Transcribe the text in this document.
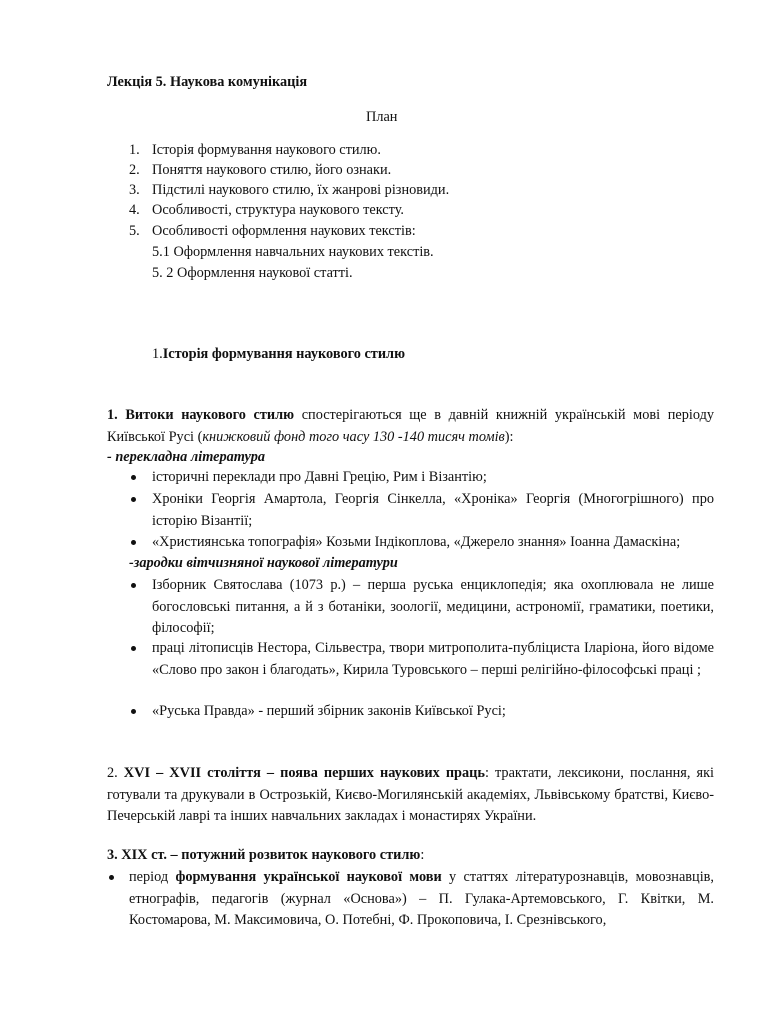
Лекція 5. Наукова комунікація
План
1. Історія формування наукового стилю.
2. Поняття наукового стилю, його ознаки.
3. Підстилі наукового стилю, їх жанрові різновиди.
4. Особливості, структура наукового тексту.
5. Особливості оформлення наукових текстів:
5.1 Оформлення навчальних наукових текстів.
5. 2 Оформлення наукової статті.
1.Історія формування наукового стилю
1. Витоки наукового стилю спостерігаються ще в давній книжній українській мові періоду Київської Русі (книжковий фонд того часу 130 -140 тисяч томів):
- перекладна література
історичні переклади про Давні Грецію, Рим і Візантію;
Хроніки Георгія Амартола, Георгія Сінкелла, «Хроніка» Георгія (Многогрішного) про історію Візантії;
«Християнська топографія» Козьми Індікоплова, «Джерело знання» Іоанна Дамаскіна;
-зародки вітчизняної наукової літератури
Ізборник Святослава (1073 р.) – перша руська енциклопедія; яка охоплювала не лише богословські питання, а й з ботаніки, зоології, медицини, астрономії, граматики, поетики, філософії;
праці літописців Нестора, Сільвестра, твори митрополита-публіциста Іларіона, його відоме «Слово про закон і благодать», Кирила Туровського – перші релігійно-філософські праці ;
«Руська Правда» - перший збірник законів Київської Русі;
2. XVI – XVII століття – поява перших наукових праць: трактати, лексикони, послання, які готували та друкували в Острозькій, Києво-Могилянській академіях, Львівському братстві, Києво-Печерській лаврі та інших навчальних закладах і монастирях України.
3. XIX ст. – потужний розвиток наукового стилю:
період формування української наукової мови у статтях літературознавців, мовознавців, етнографів, педагогів (журнал «Основа») – П. Гулака-Артемовського, Г. Квітки, М. Костомарова, М. Максимовича, О. Потебні, Ф. Прокоповича, І. Срезнівського,
